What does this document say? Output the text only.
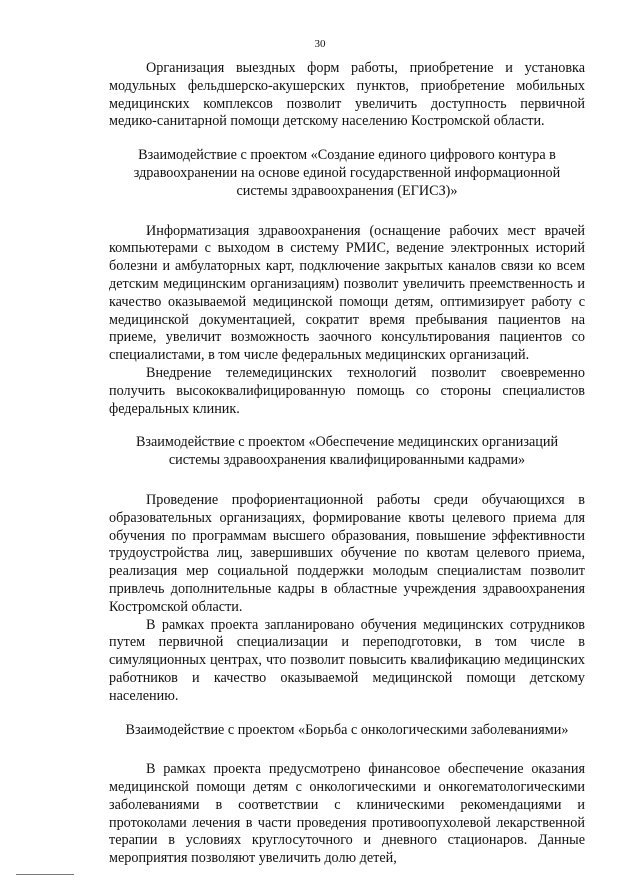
30

Организация выездных форм работы, приобретение и установка модульных фельдшерско-акушерских пунктов, приобретение мобильных медицинских комплексов позволит увеличить доступность первичной медико-санитарной помощи детскому населению Костромской области.

Взаимодействие с проектом «Создание единого цифрового контура в здравоохранении на основе единой государственной информационной системы здравоохранения (ЕГИСЗ)»

Информатизация здравоохранения (оснащение рабочих мест врачей компьютерами с выходом в систему РМИС, ведение электронных историй болезни и амбулаторных карт, подключение закрытых каналов связи ко всем детским медицинским организациям) позволит увеличить преемственность и качество оказываемой медицинской помощи детям, оптимизирует работу с медицинской документацией, сократит время пребывания пациентов на приеме, увеличит возможность заочного консультирования пациентов со специалистами, в том числе федеральных медицинских организаций.

Внедрение телемедицинских технологий позволит своевременно получить высококвалифицированную помощь со стороны специалистов федеральных клиник.

Взаимодействие с проектом «Обеспечение медицинских организаций системы здравоохранения квалифицированными кадрами»

Проведение профориентационной работы среди обучающихся в образовательных организациях, формирование квоты целевого приема для обучения по программам высшего образования, повышение эффективности трудоустройства лиц, завершивших обучение по квотам целевого приема, реализация мер социальной поддержки молодым специалистам позволит привлечь дополнительные кадры в областные учреждения здравоохранения Костромской области.

В рамках проекта запланировано обучения медицинских сотрудников путем первичной специализации и переподготовки, в том числе в симуляционных центрах, что позволит повысить квалификацию медицинских работников и качество оказываемой медицинской помощи детскому населению.

Взаимодействие с проектом «Борьба с онкологическими заболеваниями»

В рамках проекта предусмотрено финансовое обеспечение оказания медицинской помощи детям с онкологическими и онкогематологическими заболеваниями в соответствии с клиническими рекомендациями и протоколами лечения в части проведения противоопухолевой лекарственной терапии в условиях круглосуточного и дневного стационаров. Данные мероприятия позволяют увеличить долю детей,
